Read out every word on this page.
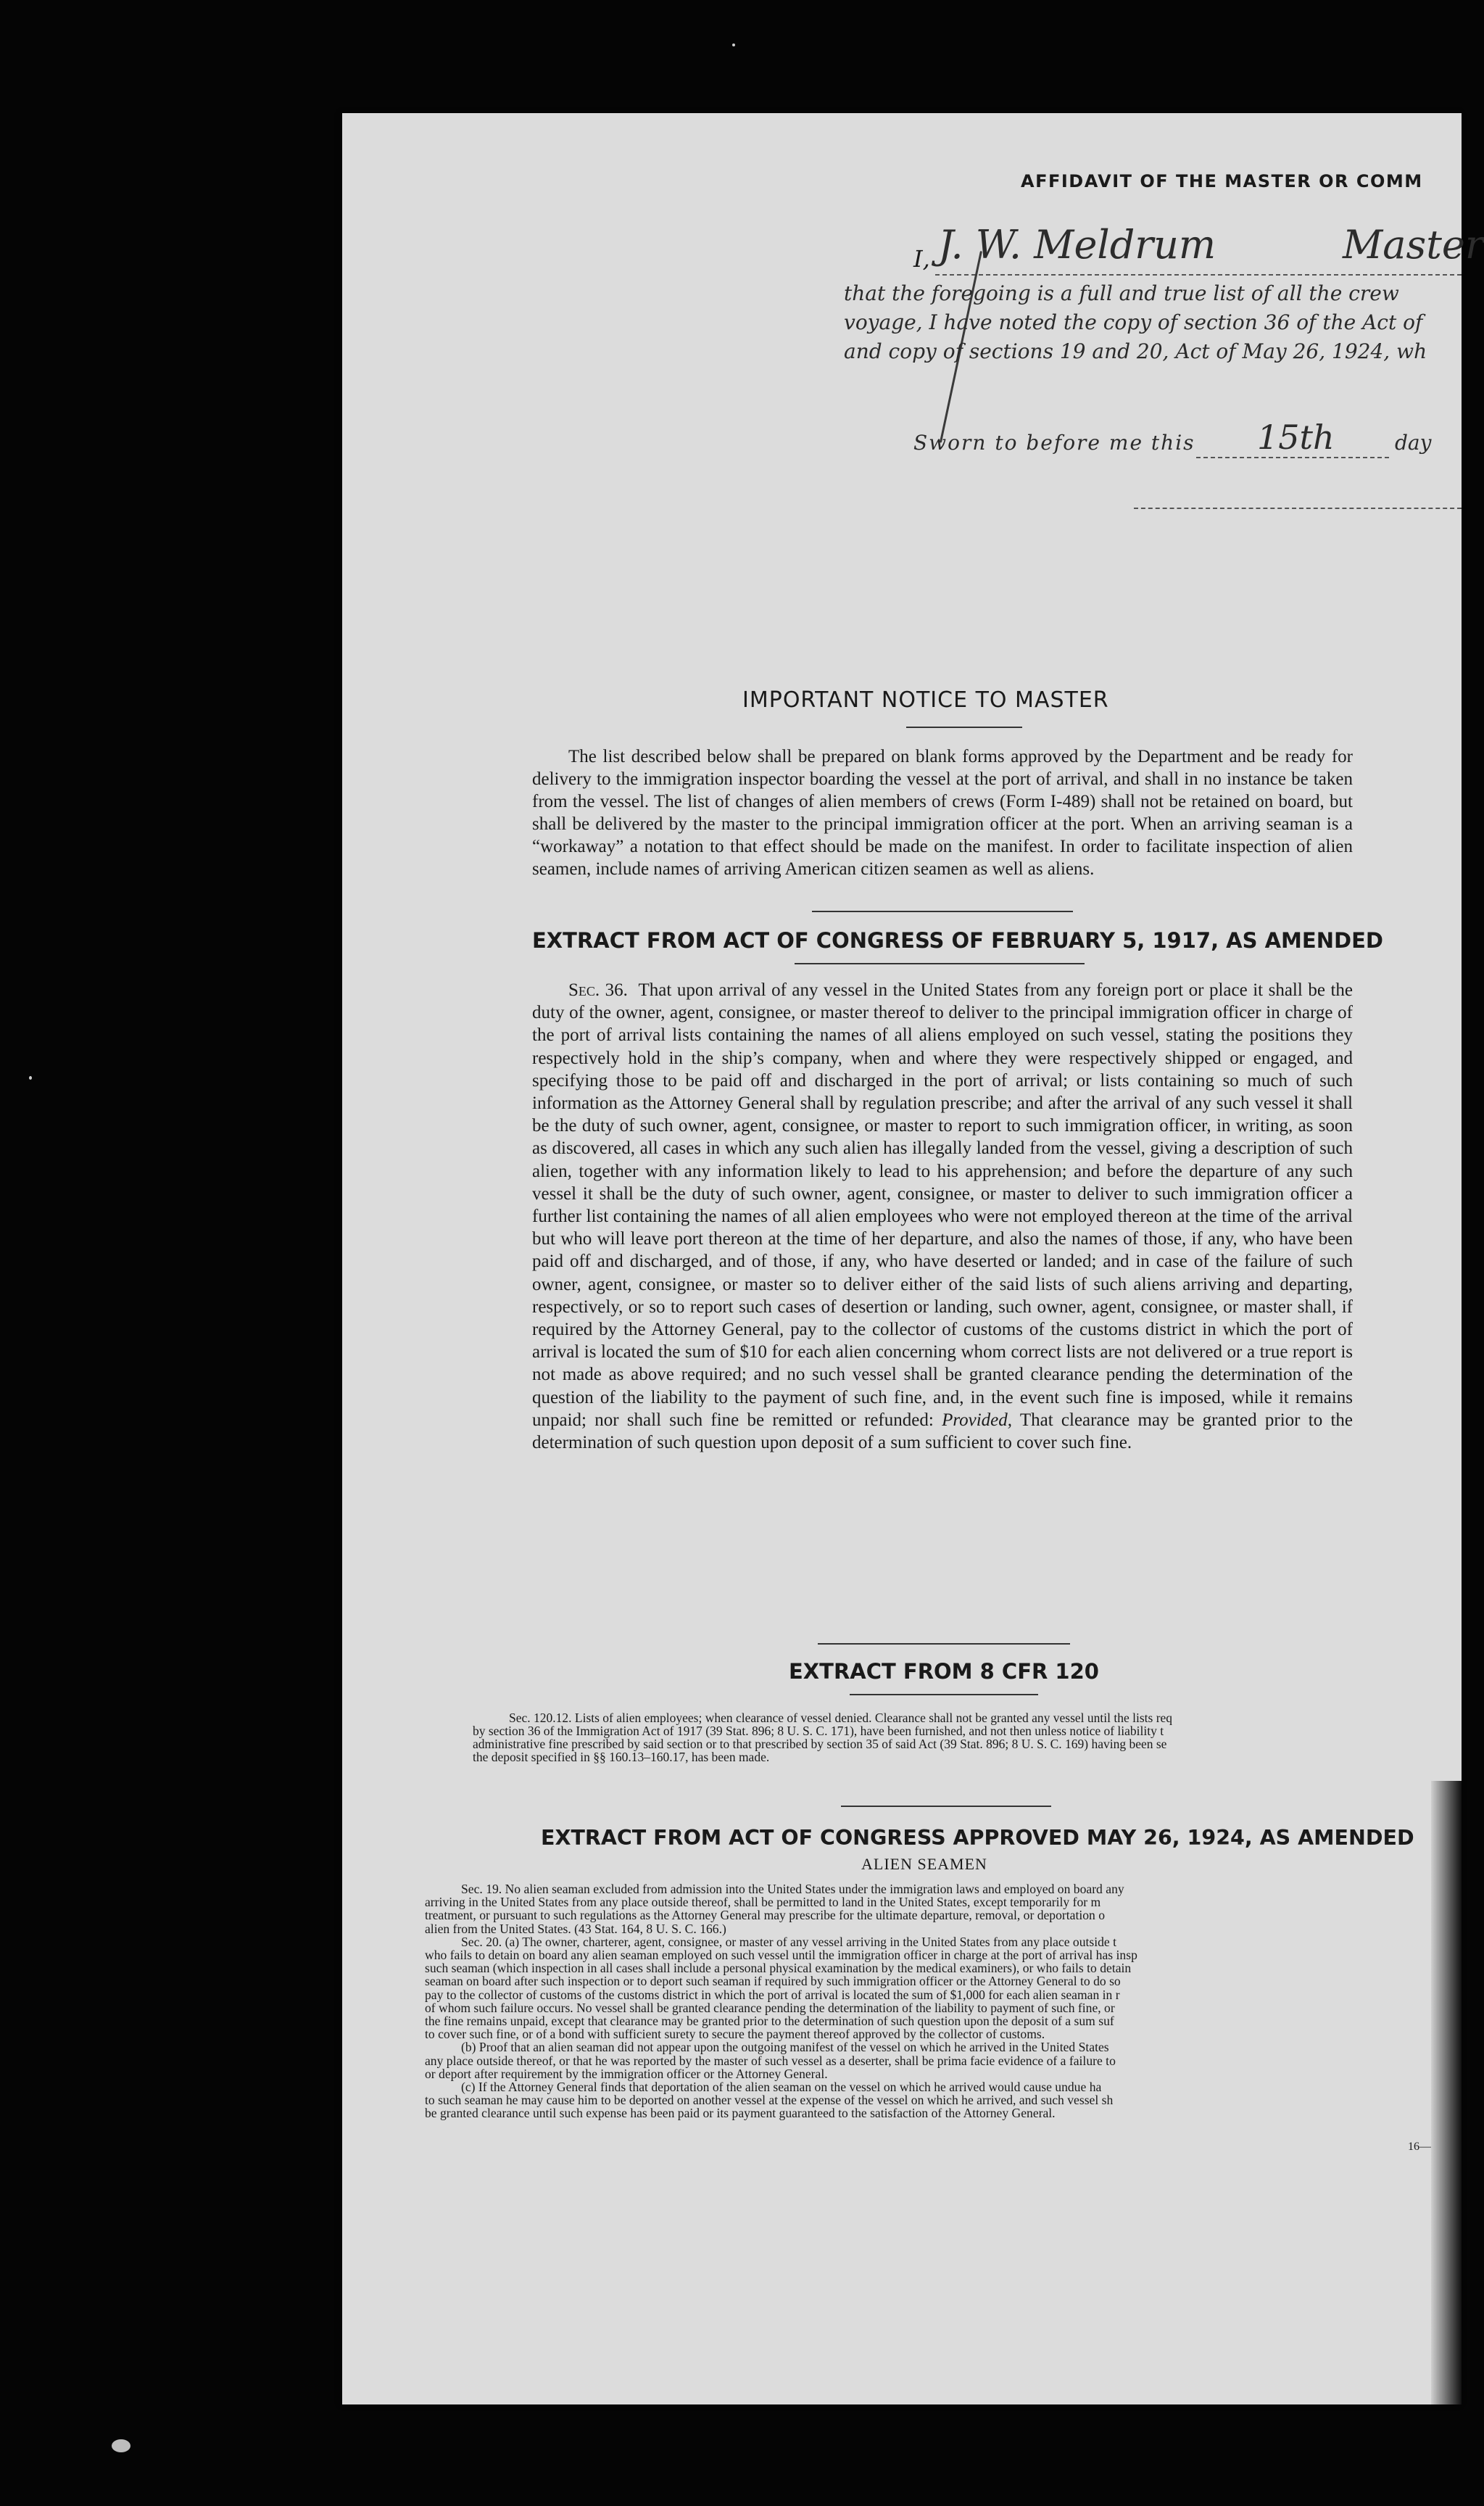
AFFIDAVIT OF THE MASTER OR COMM
I, J. W. Meldrum	Master
that the foregoing is a full and true list of all the crew
voyage, I have noted the copy of section 36 of the Act of
and copy of sections 19 and 20, Act of May 26, 1924, wh
Sworn to before me this 15th	day
IMPORTANT NOTICE TO MASTER

The list described below shall be prepared on blank forms approved by the Department and be ready for delivery to the immigration inspector boarding the vessel at the port of arrival, and shall in no instance be taken from the vessel. The list of changes of alien members of crews (Form I-489) shall not be retained on board, but shall be delivered by the master to the principal immigration officer at the port. When an arriving seaman is a “workaway” a notation to that effect should be made on the manifest. In order to facilitate inspection of alien seamen, include names of arriving American citizen seamen as well as aliens.

EXTRACT FROM ACT OF CONGRESS OF FEBRUARY 5, 1917, AS AMENDED

Sec. 36. That upon arrival of any vessel in the United States from any foreign port or place it shall be the duty of the owner, agent, consignee, or master thereof to deliver to the principal immigration officer in charge of the port of arrival lists containing the names of all aliens employed on such vessel, stating the positions they respectively hold in the ship’s company, when and where they were respectively shipped or engaged, and specifying those to be paid off and discharged in the port of arrival; or lists containing so much of such information as the Attorney General shall by regulation prescribe; and after the arrival of any such vessel it shall be the duty of such owner, agent, consignee, or master to report to such immigration officer, in writing, as soon as discovered, all cases in which any such alien has illegally landed from the vessel, giving a description of such alien, together with any information likely to lead to his apprehension; and before the departure of any such vessel it shall be the duty of such owner, agent, consignee, or master to deliver to such immigration officer a further list containing the names of all alien employees who were not employed thereon at the time of the arrival but who will leave port thereon at the time of her departure, and also the names of those, if any, who have been paid off and discharged, and of those, if any, who have deserted or landed; and in case of the failure of such owner, agent, consignee, or master so to deliver either of the said lists of such aliens arriving and departing, respectively, or so to report such cases of desertion or landing, such owner, agent, consignee, or master shall, if required by the Attorney General, pay to the collector of customs of the customs district in which the port of arrival is located the sum of $10 for each alien concerning whom correct lists are not delivered or a true report is not made as above required; and no such vessel shall be granted clearance pending the determination of the question of the liability to the payment of such fine, and, in the event such fine is imposed, while it remains unpaid; nor shall such fine be remitted or refunded: Provided, That clearance may be granted prior to the determination of such question upon deposit of a sum sufficient to cover such fine.

EXTRACT FROM 8 CFR 120
Sec. 120.12. Lists of alien employees; when clearance of vessel denied. Clearance shall not be granted any vessel until the lists req
by section 36 of the Immigration Act of 1917 (39 Stat. 896; 8 U. S. C. 171), have been furnished, and not then unless notice of liability t
administrative fine prescribed by said section or to that prescribed by section 35 of said Act (39 Stat. 896; 8 U. S. C. 169) having been se
the deposit specified in §§ 160.13–160.17, has been made.
EXTRACT FROM ACT OF CONGRESS APPROVED MAY 26, 1924, AS AMENDED
ALIEN SEAMEN
Sec. 19. No alien seaman excluded from admission into the United States under the immigration laws and employed on board any
arriving in the United States from any place outside thereof, shall be permitted to land in the United States, except temporarily for m
treatment, or pursuant to such regulations as the Attorney General may prescribe for the ultimate departure, removal, or deportation o
alien from the United States. (43 Stat. 164, 8 U. S. C. 166.)
Sec. 20. (a) The owner, charterer, agent, consignee, or master of any vessel arriving in the United States from any place outside t
who fails to detain on board any alien seaman employed on such vessel until the immigration officer in charge at the port of arrival has insp
such seaman (which inspection in all cases shall include a personal physical examination by the medical examiners), or who fails to detain
seaman on board after such inspection or to deport such seaman if required by such immigration officer or the Attorney General to do so
pay to the collector of customs of the customs district in which the port of arrival is located the sum of $1,000 for each alien seaman in r
of whom such failure occurs. No vessel shall be granted clearance pending the determination of the liability to payment of such fine, or
the fine remains unpaid, except that clearance may be granted prior to the determination of such question upon the deposit of a sum suf
to cover such fine, or of a bond with sufficient surety to secure the payment thereof approved by the collector of customs.
(b) Proof that an alien seaman did not appear upon the outgoing manifest of the vessel on which he arrived in the United States
any place outside thereof, or that he was reported by the master of such vessel as a deserter, shall be prima facie evidence of a failure to
or deport after requirement by the immigration officer or the Attorney General.
(c) If the Attorney General finds that deportation of the alien seaman on the vessel on which he arrived would cause undue ha
to such seaman he may cause him to be deported on another vessel at the expense of the vessel on which he arrived, and such vessel sh
be granted clearance until such expense has been paid or its payment guaranteed to the satisfaction of the Attorney General.
16—
